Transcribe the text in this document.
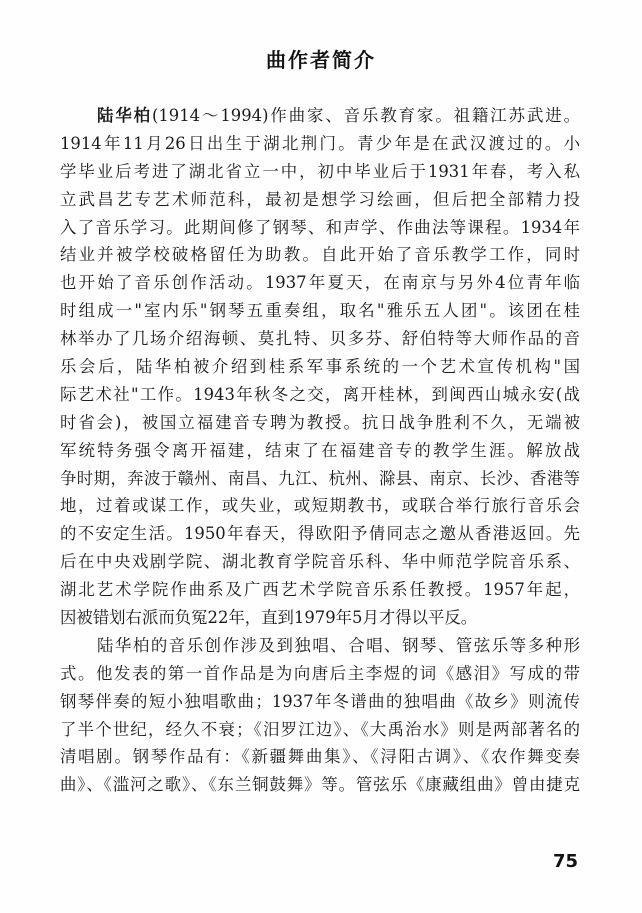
曲作者简介
陆华柏(1914～1994)作曲家、音乐教育家。祖籍江苏武进。
1914年11月26日出生于湖北荆门。青少年是在武汉渡过的。小
学毕业后考进了湖北省立一中，初中毕业后于1931年春，考入私
立武昌艺专艺术师范科，最初是想学习绘画，但后把全部精力投
入了音乐学习。此期间修了钢琴、和声学、作曲法等课程。1934年
结业并被学校破格留任为助教。自此开始了音乐教学工作，同时
也开始了音乐创作活动。1937年夏天，在南京与另外4位青年临
时组成一"室内乐"钢琴五重奏组，取名"雅乐五人团"。该团在桂
林举办了几场介绍海顿、莫扎特、贝多芬、舒伯特等大师作品的音
乐会后，陆华柏被介绍到桂系军事系统的一个艺术宣传机构"国
际艺术社"工作。1943年秋冬之交，离开桂林，到闽西山城永安(战
时省会)，被国立福建音专聘为教授。抗日战争胜利不久，无端被
军统特务强令离开福建，结束了在福建音专的教学生涯。解放战
争时期，奔波于赣州、南昌、九江、杭州、滁县、南京、长沙、香港等
地，过着或谋工作，或失业，或短期教书，或联合举行旅行音乐会
的不安定生活。1950年春天，得欧阳予倩同志之邀从香港返回。先
后在中央戏剧学院、湖北教育学院音乐科、华中师范学院音乐系、
湖北艺术学院作曲系及广西艺术学院音乐系任教授。1957年起，
因被错划右派而负冤22年，直到1979年5月才得以平反。
陆华柏的音乐创作涉及到独唱、合唱、钢琴、管弦乐等多种形
式。他发表的第一首作品是为向唐后主李煜的词《感泪》写成的带
钢琴伴奏的短小独唱歌曲；1937年冬谱曲的独唱曲《故乡》则流传
了半个世纪，经久不衰；《汨罗江边》、《大禹治水》则是两部著名的
清唱剧。钢琴作品有：《新疆舞曲集》、《浔阳古调》、《农作舞变奏
曲》、《滥河之歌》、《东兰铜鼓舞》等。管弦乐《康藏组曲》曾由捷克
75
